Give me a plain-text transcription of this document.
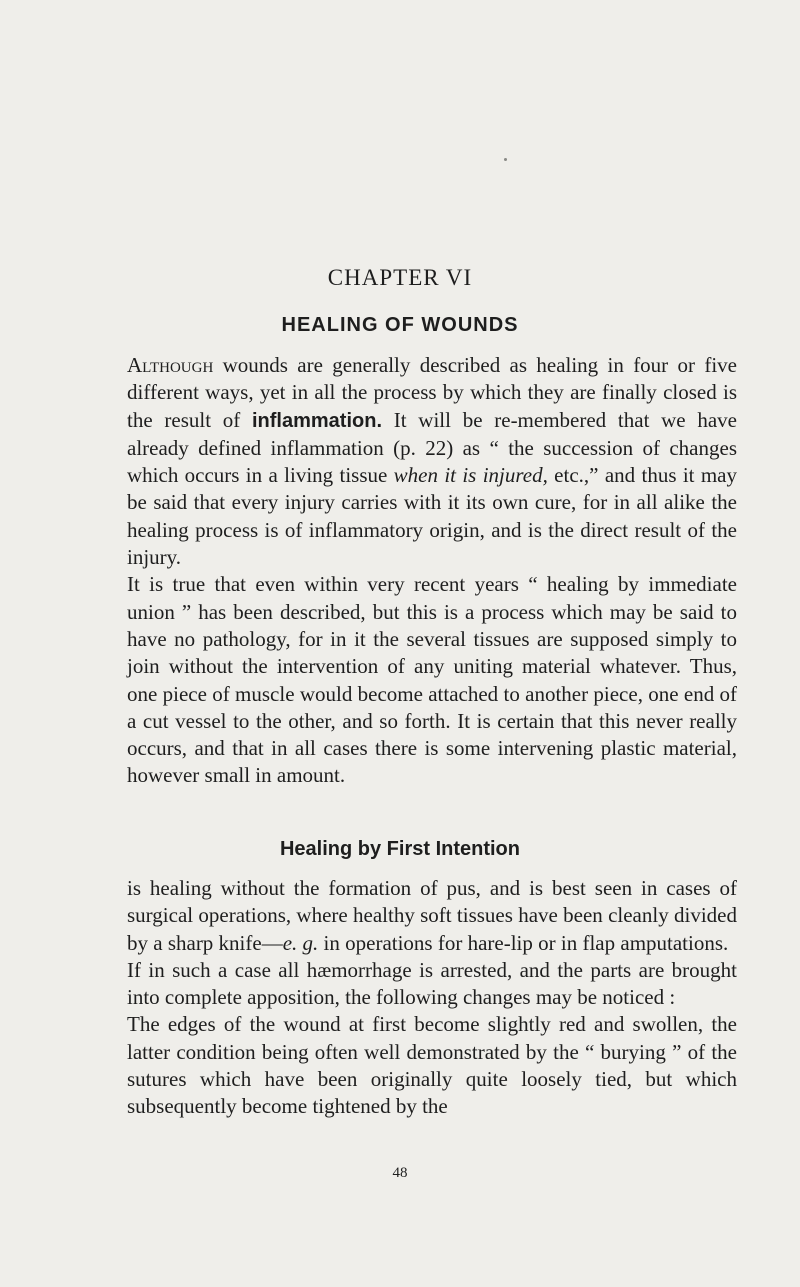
CHAPTER VI
HEALING OF WOUNDS

Although wounds are generally described as healing in four or five different ways, yet in all the process by which they are finally closed is the result of inflammation. It will be re-membered that we have already defined inflammation (p. 22) as “ the succession of changes which occurs in a living tissue when it is injured, etc.,” and thus it may be said that every injury carries with it its own cure, for in all alike the healing process is of inflammatory origin, and is the direct result of the injury.

It is true that even within very recent years “ healing by immediate union ” has been described, but this is a process which may be said to have no pathology, for in it the several tissues are supposed simply to join without the intervention of any uniting material whatever. Thus, one piece of muscle would become attached to another piece, one end of a cut vessel to the other, and so forth. It is certain that this never really occurs, and that in all cases there is some intervening plastic material, however small in amount.

Healing by First Intention

is healing without the formation of pus, and is best seen in cases of surgical operations, where healthy soft tissues have been cleanly divided by a sharp knife—e. g. in operations for hare-lip or in flap amputations.

If in such a case all hæmorrhage is arrested, and the parts are brought into complete apposition, the following changes may be noticed :

The edges of the wound at first become slightly red and swollen, the latter condition being often well demonstrated by the “ burying ” of the sutures which have been originally quite loosely tied, but which subsequently become tightened by the

48
